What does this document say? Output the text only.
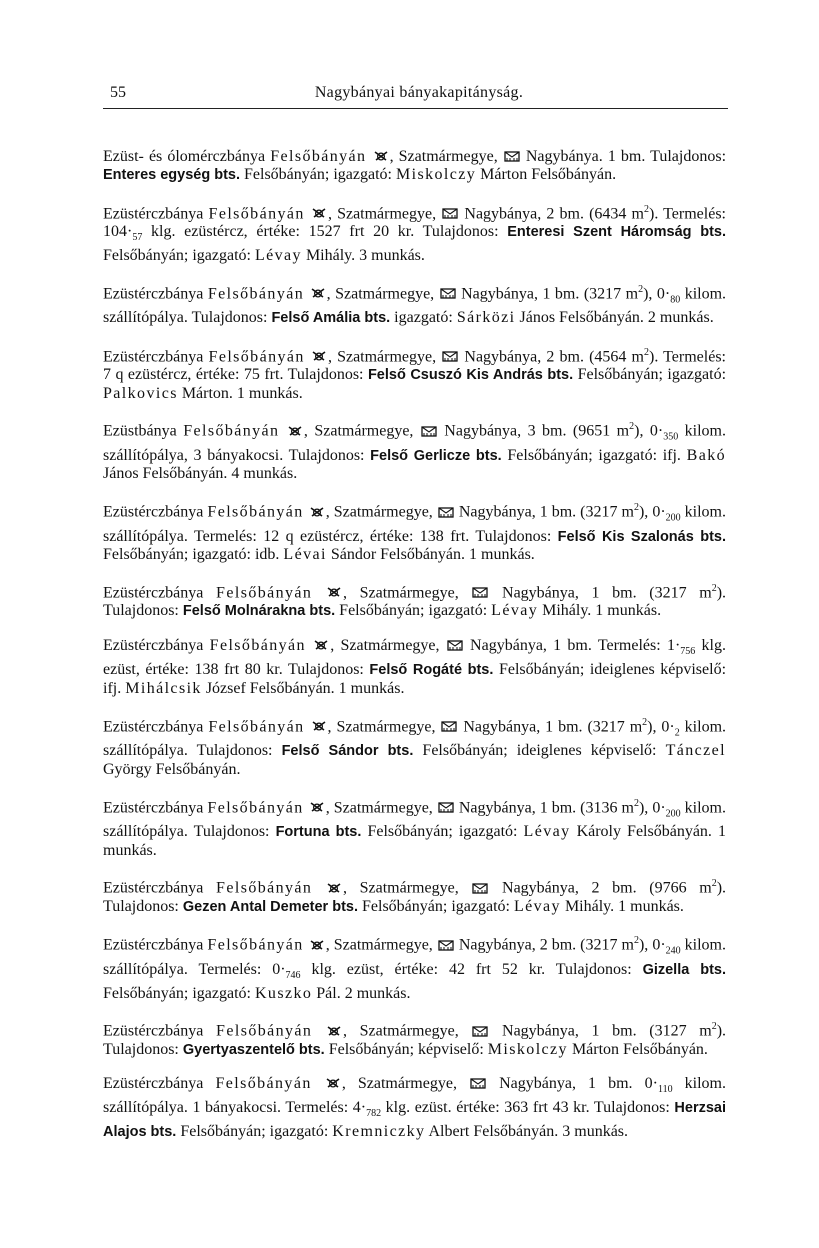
55	Nagybányai bányakapitányság.

Ezüst- és ólomérczbánya Felsőbányán , Szatmármegye,
Nagybánya. 1 bm. Tulajdonos: Enteres egység bts. Felsőbányán; igazgató: Miskolczy Márton Felsőbányán.

Ezüstérczbánya Felsőbányán , Szatmármegye,
Nagybánya, 2 bm. (6434 $m^2$). Termelés: $104\cdot_{57}$ klg. ezüstércz, értéke: 1527 frt 20 kr. Tulajdonos: Enteresi Szent Háromság bts. Felsőbányán; igazgató: Lévay Mihály. 3 munkás.

Ezüstérczbánya Felsőbányán , Szatmármegye,
Nagybánya, 1 bm. (3217 $m^2$), $0\cdot_{80}$ kilom. szállítópálya. Tulajdonos: Felső Amália bts. igazgató: Sárközi János Felsőbányán. 2 munkás.

Ezüstérczbánya Felsőbányán , Szatmármegye,
Nagybánya, 2 bm. (4564 $m^2$). Termelés: 7 q ezüstércz, értéke: 75 frt. Tulajdonos: Felső Csuszó Kis András bts. Felsőbányán; igazgató: Palkovics Márton. 1 munkás.

Ezüstbánya Felsőbányán , Szatmármegye,
Nagybánya, 3 bm. (9651 $m^2$), $0\cdot_{350}$ kilom. szállítópálya, 3 bányakocsi. Tulajdonos: Felső Gerlicze bts. Felsőbányán; igazgató: ifj. Bakó János Felsőbányán. 4 munkás.

Ezüstérczbánya Felsőbányán , Szatmármegye,
Nagybánya, 1 bm. (3217 $m^2$), $0\cdot_{200}$ kilom. szállítópálya. Termelés: 12 q ezüstércz, értéke: 138 frt. Tulajdonos: Felső Kis Szalonás bts. Felsőbányán; igazgató: idb. Lévai Sándor Felsőbányán. 1 munkás.

Ezüstérczbánya Felsőbányán , Szatmármegye,
Nagybánya, 1 bm. (3217 $m^2$). Tulajdonos: Felső Molnárakna bts. Felsőbányán; igazgató: Lévay Mihály. 1 munkás.

Ezüstérczbánya Felsőbányán , Szatmármegye,
Nagybánya, 1 bm. Termelés: $1\cdot_{756}$ klg. ezüst, értéke: 138 frt 80 kr. Tulajdonos: Felső Rogáté bts. Felsőbányán; ideiglenes képviselő: ifj. Mihálcsik József Felsőbányán. 1 munkás.

Ezüstérczbánya Felsőbányán , Szatmármegye,
Nagybánya, 1 bm. (3217 $m^2$), $0\cdot_2$ kilom. szállítópálya. Tulajdonos: Felső Sándor bts. Felsőbányán; ideiglenes képviselő: Tánczel György Felsőbányán.

Ezüstérczbánya Felsőbányán , Szatmármegye,
Nagybánya, 1 bm. (3136 $m^2$), $0\cdot_{200}$ kilom. szállítópálya. Tulajdonos: Fortuna bts. Felsőbányán; igazgató: Lévay Károly Felsőbányán. 1 munkás.

Ezüstérczbánya Felsőbányán , Szatmármegye,
Nagybánya, 2 bm. (9766 $m^2$). Tulajdonos: Gezen Antal Demeter bts. Felsőbányán; igazgató: Lévay Mihály. 1 munkás.

Ezüstérczbánya Felsőbányán , Szatmármegye,
Nagybánya, 2 bm. (3217 $m^2$), $0\cdot_{240}$ kilom. szállítópálya. Termelés: $0\cdot_{746}$ klg. ezüst, értéke: 42 frt 52 kr. Tulajdonos: Gizella bts. Felsőbányán; igazgató: Kuszko Pál. 2 munkás.

Ezüstérczbánya Felsőbányán , Szatmármegye,
Nagybánya, 1 bm. (3127 $m^2$). Tulajdonos: Gyertyaszentelő bts. Felsőbányán; képviselő: Miskolczy Márton Felsőbányán.

Ezüstérczbánya Felsőbányán , Szatmármegye,
Nagybánya, 1 bm. $0\cdot_{110}$ kilom. szállítópálya. 1 bányakocsi. Termelés: $4\cdot_{782}$ klg. ezüst. értéke: 363 frt 43 kr. Tulajdonos: Herzsai Alajos bts. Felsőbányán; igazgató: Kremniczky Albert Felsőbányán. 3 munkás.
